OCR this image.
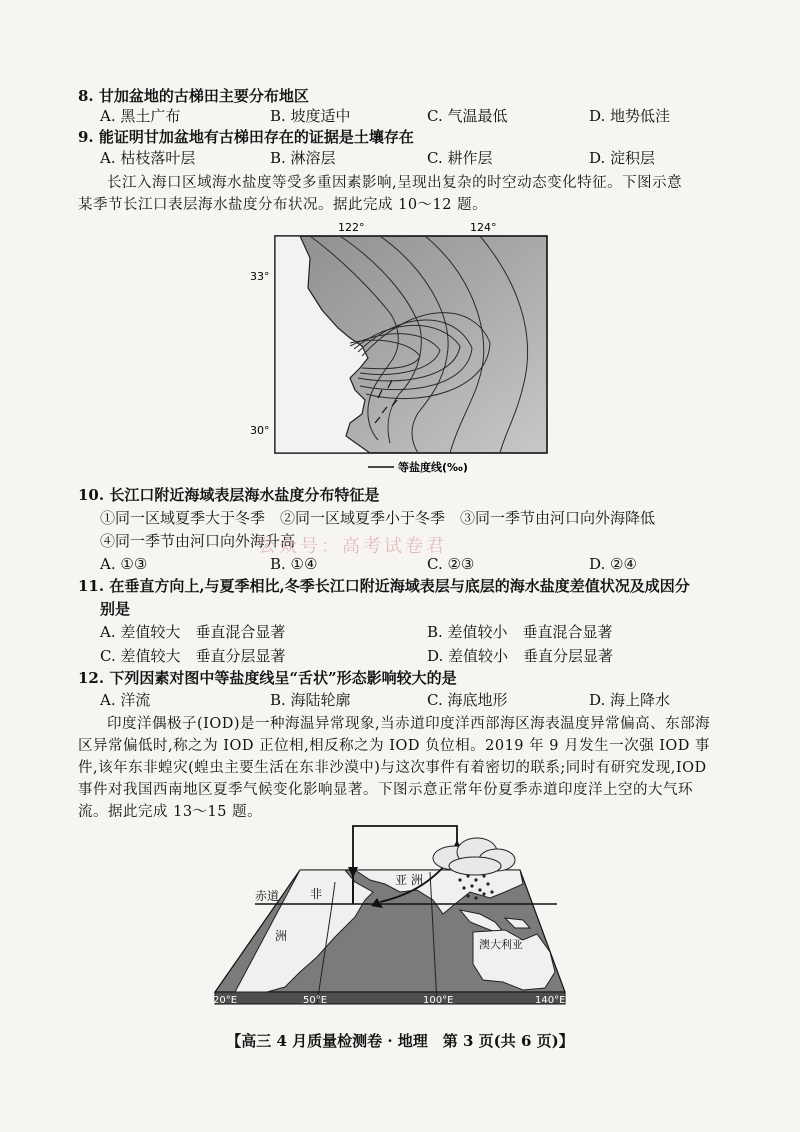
8. 甘加盆地的古梯田主要分布地区
A. 黑土广布	B. 坡度适中	C. 气温最低	D. 地势低洼
9. 能证明甘加盆地有古梯田存在的证据是土壤存在
A. 枯枝落叶层	B. 淋溶层	C. 耕作层	D. 淀积层

长江入海口区域海水盐度等受多重因素影响,呈现出复杂的时空动态变化特征。下图示意

某季节长江口表层海水盐度分布状况。据此完成 10～12 题。
122°	124°
33°
30°
等盐度线(‰)
10. 长江口附近海域表层海水盐度分布特征是
①同一区域夏季大于冬季　②同一区域夏季小于冬季　③同一季节由河口向外海降低
④同一季节由河口向外海升高
A. ①③	B. ①④	C. ②③	D. ②④
公众号：高考试卷君
11. 在垂直方向上,与夏季相比,冬季长江口附近海域表层与底层的海水盐度差值状况及成因分
别是
A. 差值较大　垂直混合显著	B. 差值较小　垂直混合显著
C. 差值较大　垂直分层显著	D. 差值较小　垂直分层显著
12. 下列因素对图中等盐度线呈“舌状”形态影响较大的是
A. 洋流	B. 海陆轮廓	C. 海底地形	D. 海上降水

印度洋偶极子(IOD)是一种海温异常现象,当赤道印度洋西部海区海表温度异常偏高、东部海区异常偏低时,称之为 IOD 正位相,相反称之为 IOD 负位相。2019 年 9 月发生一次强 IOD 事件,该年东非蝗灾(蝗虫主要生活在东非沙漠中)与这次事件有着密切的联系;同时有研究发现,IOD 事件对我国西南地区夏季气候变化影响显著。下图示意正常年份夏季赤道印度洋上空的大气环流。据此完成 13～15 题。

赤道	非
洲
亚 洲
澳大利亚
20°E	50°E	100°E	140°E
【高三 4 月质量检测卷 · 地理　第 3 页(共 6 页)】
